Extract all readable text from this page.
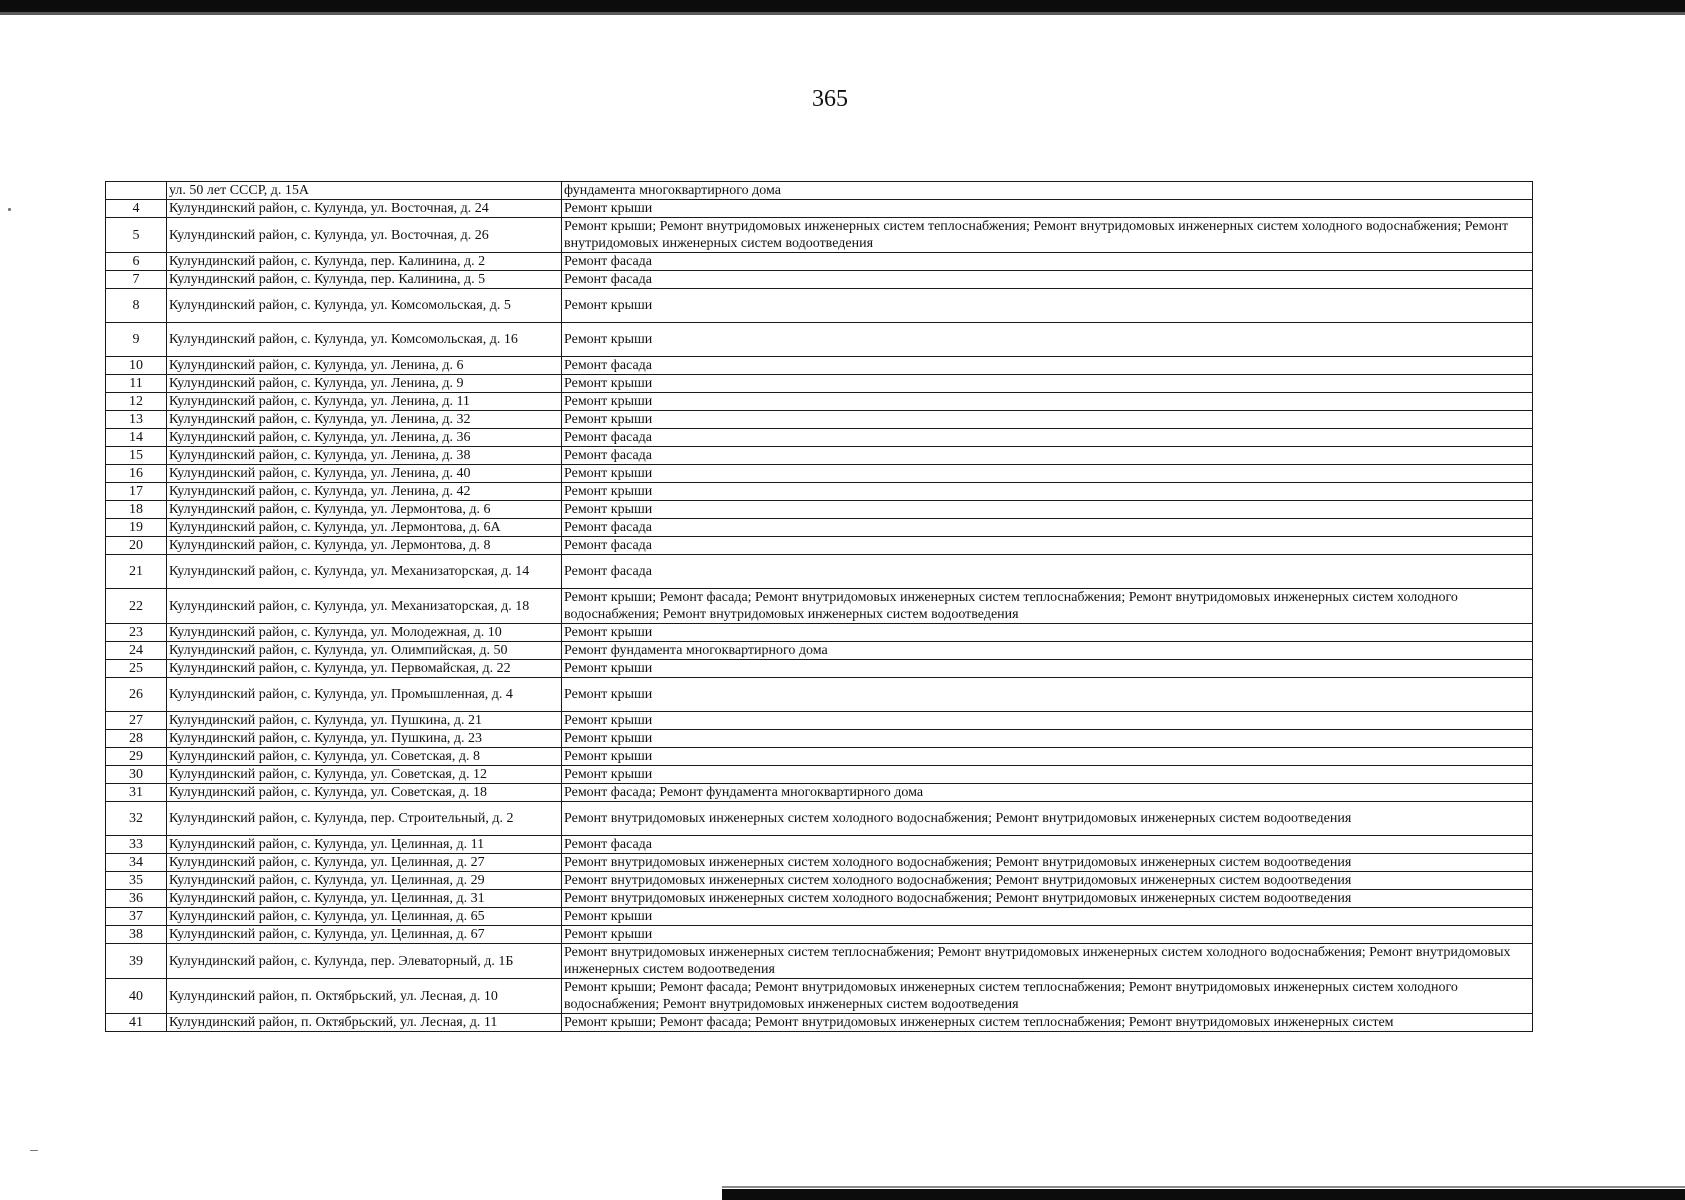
365
	ул. 50 лет СССР, д. 15А	фундамента многоквартирного дома
4	Кулундинский район, с. Кулунда, ул. Восточная, д. 24	Ремонт крыши
5	Кулундинский район, с. Кулунда, ул. Восточная, д. 26	Ремонт крыши; Ремонт внутридомовых инженерных систем теплоснабжения; Ремонт внутридомовых инженерных систем холодного водоснабжения; Ремонт внутридомовых инженерных систем водоотведения
6	Кулундинский район, с. Кулунда, пер. Калинина, д. 2	Ремонт фасада
7	Кулундинский район, с. Кулунда, пер. Калинина, д. 5	Ремонт фасада
8	Кулундинский район, с. Кулунда, ул. Комсомольская, д. 5	Ремонт крыши
9	Кулундинский район, с. Кулунда, ул. Комсомольская, д. 16	Ремонт крыши
10	Кулундинский район, с. Кулунда, ул. Ленина, д. 6	Ремонт фасада
11	Кулундинский район, с. Кулунда, ул. Ленина, д. 9	Ремонт крыши
12	Кулундинский район, с. Кулунда, ул. Ленина, д. 11	Ремонт крыши
13	Кулундинский район, с. Кулунда, ул. Ленина, д. 32	Ремонт крыши
14	Кулундинский район, с. Кулунда, ул. Ленина, д. 36	Ремонт фасада
15	Кулундинский район, с. Кулунда, ул. Ленина, д. 38	Ремонт фасада
16	Кулундинский район, с. Кулунда, ул. Ленина, д. 40	Ремонт крыши
17	Кулундинский район, с. Кулунда, ул. Ленина, д. 42	Ремонт крыши
18	Кулундинский район, с. Кулунда, ул. Лермонтова, д. 6	Ремонт крыши
19	Кулундинский район, с. Кулунда, ул. Лермонтова, д. 6А	Ремонт фасада
20	Кулундинский район, с. Кулунда, ул. Лермонтова, д. 8	Ремонт фасада
21	Кулундинский район, с. Кулунда, ул. Механизаторская, д. 14	Ремонт фасада
22	Кулундинский район, с. Кулунда, ул. Механизаторская, д. 18	Ремонт крыши; Ремонт фасада; Ремонт внутридомовых инженерных систем теплоснабжения; Ремонт внутридомовых инженерных систем холодного водоснабжения; Ремонт внутридомовых инженерных систем водоотведения
23	Кулундинский район, с. Кулунда, ул. Молодежная, д. 10	Ремонт крыши
24	Кулундинский район, с. Кулунда, ул. Олимпийская, д. 50	Ремонт фундамента многоквартирного дома
25	Кулундинский район, с. Кулунда, ул. Первомайская, д. 22	Ремонт крыши
26	Кулундинский район, с. Кулунда, ул. Промышленная, д. 4	Ремонт крыши
27	Кулундинский район, с. Кулунда, ул. Пушкина, д. 21	Ремонт крыши
28	Кулундинский район, с. Кулунда, ул. Пушкина, д. 23	Ремонт крыши
29	Кулундинский район, с. Кулунда, ул. Советская, д. 8	Ремонт крыши
30	Кулундинский район, с. Кулунда, ул. Советская, д. 12	Ремонт крыши
31	Кулундинский район, с. Кулунда, ул. Советская, д. 18	Ремонт фасада; Ремонт фундамента многоквартирного дома
32	Кулундинский район, с. Кулунда, пер. Строительный, д. 2	Ремонт внутридомовых инженерных систем холодного водоснабжения; Ремонт внутридомовых инженерных систем водоотведения
33	Кулундинский район, с. Кулунда, ул. Целинная, д. 11	Ремонт фасада
34	Кулундинский район, с. Кулунда, ул. Целинная, д. 27	Ремонт внутридомовых инженерных систем холодного водоснабжения; Ремонт внутридомовых инженерных систем водоотведения
35	Кулундинский район, с. Кулунда, ул. Целинная, д. 29	Ремонт внутридомовых инженерных систем холодного водоснабжения; Ремонт внутридомовых инженерных систем водоотведения
36	Кулундинский район, с. Кулунда, ул. Целинная, д. 31	Ремонт внутридомовых инженерных систем холодного водоснабжения; Ремонт внутридомовых инженерных систем водоотведения
37	Кулундинский район, с. Кулунда, ул. Целинная, д. 65	Ремонт крыши
38	Кулундинский район, с. Кулунда, ул. Целинная, д. 67	Ремонт крыши
39	Кулундинский район, с. Кулунда, пер. Элеваторный, д. 1Б	Ремонт внутридомовых инженерных систем теплоснабжения; Ремонт внутридомовых инженерных систем холодного водоснабжения; Ремонт внутридомовых инженерных систем водоотведения
40	Кулундинский район, п. Октябрьский, ул. Лесная, д. 10	Ремонт крыши; Ремонт фасада; Ремонт внутридомовых инженерных систем теплоснабжения; Ремонт внутридомовых инженерных систем холодного водоснабжения; Ремонт внутридомовых инженерных систем водоотведения
41	Кулундинский район, п. Октябрьский, ул. Лесная, д. 11	Ремонт крыши; Ремонт фасада; Ремонт внутридомовых инженерных систем теплоснабжения; Ремонт внутридомовых инженерных систем
